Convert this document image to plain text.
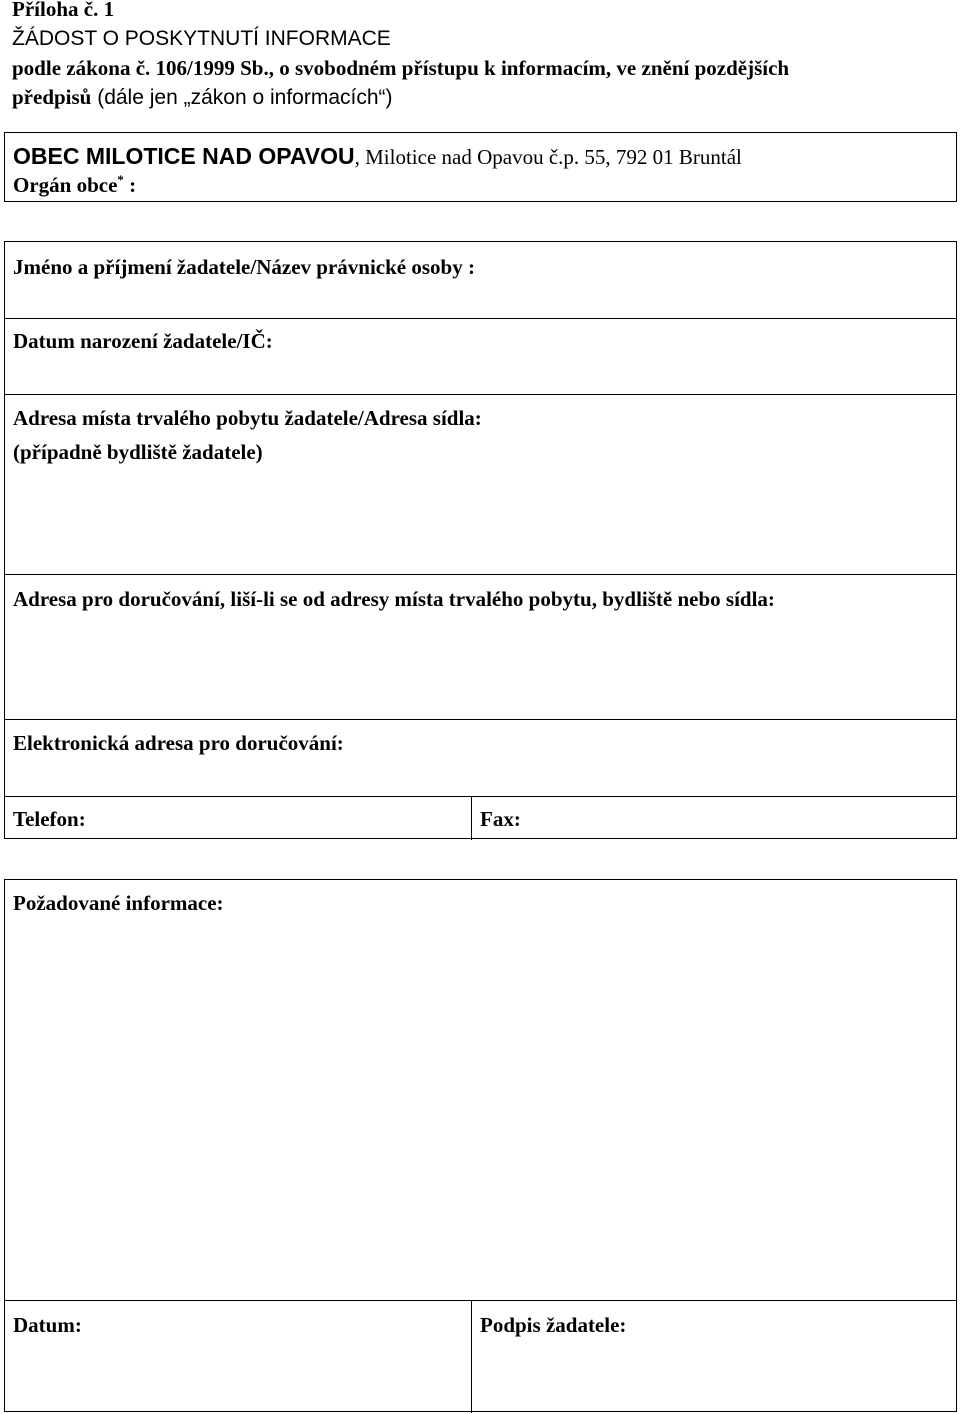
Příloha č. 1
ŽÁDOST O POSKYTNUTÍ INFORMACE
podle zákona č. 106/1999 Sb., o svobodném přístupu k informacím, ve znění pozdějších
předpisů (dále jen „zákon o informacích“)
OBEC MILOTICE NAD OPAVOU, Milotice nad Opavou č.p. 55, 792 01 Bruntál
Orgán obce* :
Jméno a příjmení žadatele/Název právnické osoby :
Datum narození žadatele/IČ:
Adresa místa trvalého pobytu žadatele/Adresa sídla:
(případně bydliště žadatele)
Adresa pro doručování, liší-li se od adresy místa trvalého pobytu, bydliště nebo sídla:
Elektronická adresa pro doručování:
Telefon:	Fax:
Požadované informace:
Datum:	Podpis žadatele:
